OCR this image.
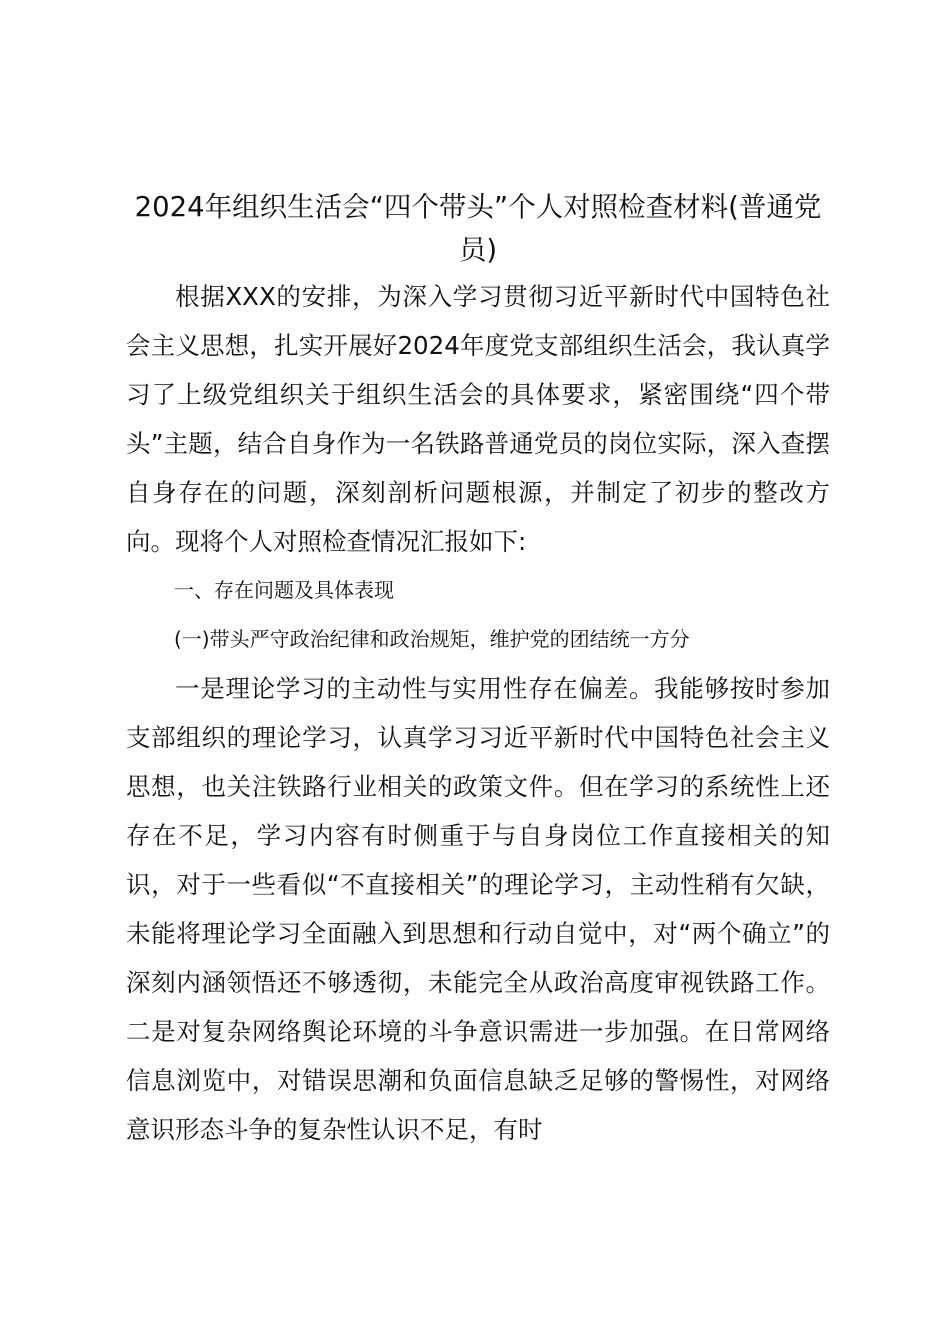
2024年组织生活会“四个带头”个人对照检查材料(普通党员)

根据XXX的安排，为深入学习贯彻习近平新时代中国特色社会主义思想，扎实开展好2024年度党支部组织生活会，我认真学习了上级党组织关于组织生活会的具体要求，紧密围绕“四个带头”主题，结合自身作为一名铁路普通党员的岗位实际，深入查摆自身存在的问题，深刻剖析问题根源，并制定了初步的整改方向。现将个人对照检查情况汇报如下:

一、存在问题及具体表现

(一)带头严守政治纪律和政治规矩，维护党的团结统一方分

一是理论学习的主动性与实用性存在偏差。我能够按时参加支部组织的理论学习，认真学习习近平新时代中国特色社会主义思想，也关注铁路行业相关的政策文件。但在学习的系统性上还存在不足，学习内容有时侧重于与自身岗位工作直接相关的知识，对于一些看似“不直接相关”的理论学习，主动性稍有欠缺，未能将理论学习全面融入到思想和行动自觉中，对“两个确立”的深刻内涵领悟还不够透彻，未能完全从政治高度审视铁路工作。二是对复杂网络舆论环境的斗争意识需进一步加强。在日常网络信息浏览中，对错误思潮和负面信息缺乏足够的警惕性，对网络意识形态斗争的复杂性认识不足，有时
